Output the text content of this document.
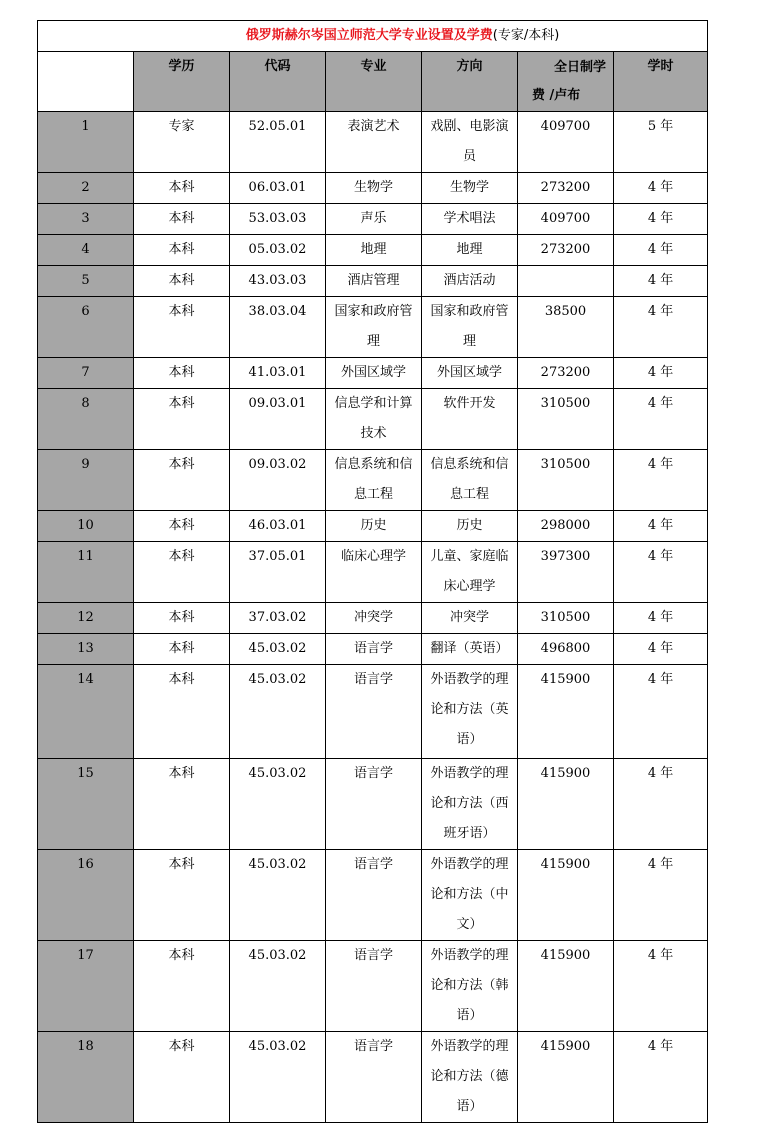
俄罗斯赫尔岑国立师范大学专业设置及学费(专家/本科)						
	学历	代码	专业	方向	全日制学
费 /卢布	学时
1	专家	52.05.01	表演艺术	戏剧、电影演员	409700	5 年
2	本科	06.03.01	生物学	生物学	273200	4 年
3	本科	53.03.03	声乐	学术唱法	409700	4 年
4	本科	05.03.02	地理	地理	273200	4 年
5	本科	43.03.03	酒店管理	酒店活动		4 年
6	本科	38.03.04	国家和政府管理	国家和政府管理	38500	4 年
7	本科	41.03.01	外国区域学	外国区域学	273200	4 年
8	本科	09.03.01	信息学和计算技术	软件开发	310500	4 年
9	本科	09.03.02	信息系统和信息工程	信息系统和信息工程	310500	4 年
10	本科	46.03.01	历史	历史	298000	4 年
11	本科	37.05.01	临床心理学	儿童、家庭临床心理学	397300	4 年
12	本科	37.03.02	冲突学	冲突学	310500	4 年
13	本科	45.03.02	语言学	翻译（英语）	496800	4 年
14	本科	45.03.02	语言学	外语教学的理论和方法（英语）	415900	4 年
15	本科	45.03.02	语言学	外语教学的理论和方法（西班牙语）	415900	4 年
16	本科	45.03.02	语言学	外语教学的理论和方法（中文）	415900	4 年
17	本科	45.03.02	语言学	外语教学的理论和方法（韩语）	415900	4 年
18	本科	45.03.02	语言学	外语教学的理论和方法（德语）	415900	4 年
